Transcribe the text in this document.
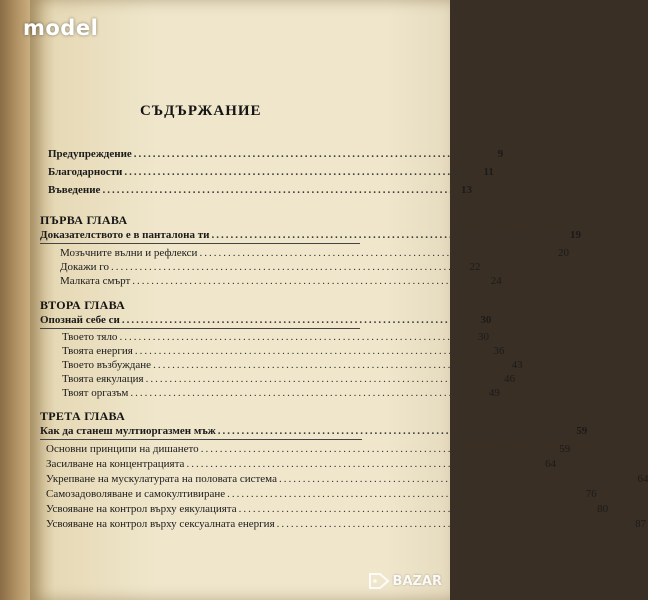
model
СЪДЪРЖАНИЕ
Предупреждение ..........................................................................	9
Благодарности .......................................................................... 11
Въведение .......................................................................... 13
ПЪРВА ГЛАВА
Доказателството е в панталона ти .......................................................................... 19
Мозъчните вълни и рефлекси .......................................................................... 20
Докажи го .......................................................................... 22
Малката смърт .......................................................................... 24
ВТОРА ГЛАВА
Опознай себе си .......................................................................... 30
Твоето тяло .......................................................................... 30
Твоята енергия .......................................................................... 36
Твоето възбуждане .......................................................................... 43
Твоята еякулация .......................................................................... 46
Твоят оргазъм .......................................................................... 49
ТРЕТА ГЛАВА
Как да станеш мултиоргазмен мъж .......................................................................... 59
Основни принципи на дишането .......................................................................... 59
Засилване на концентрацията .......................................................................... 64
Укрепване на мускулатурата на половата система .......................................................................... 64
Самозадоволяване и самокултивиране .......................................................................... 76
Усвояване на контрол върху еякулацията .......................................................................... 80
Усвояване на контрол върху сексуалната енергия .......................................................................... 87
BAZAR
